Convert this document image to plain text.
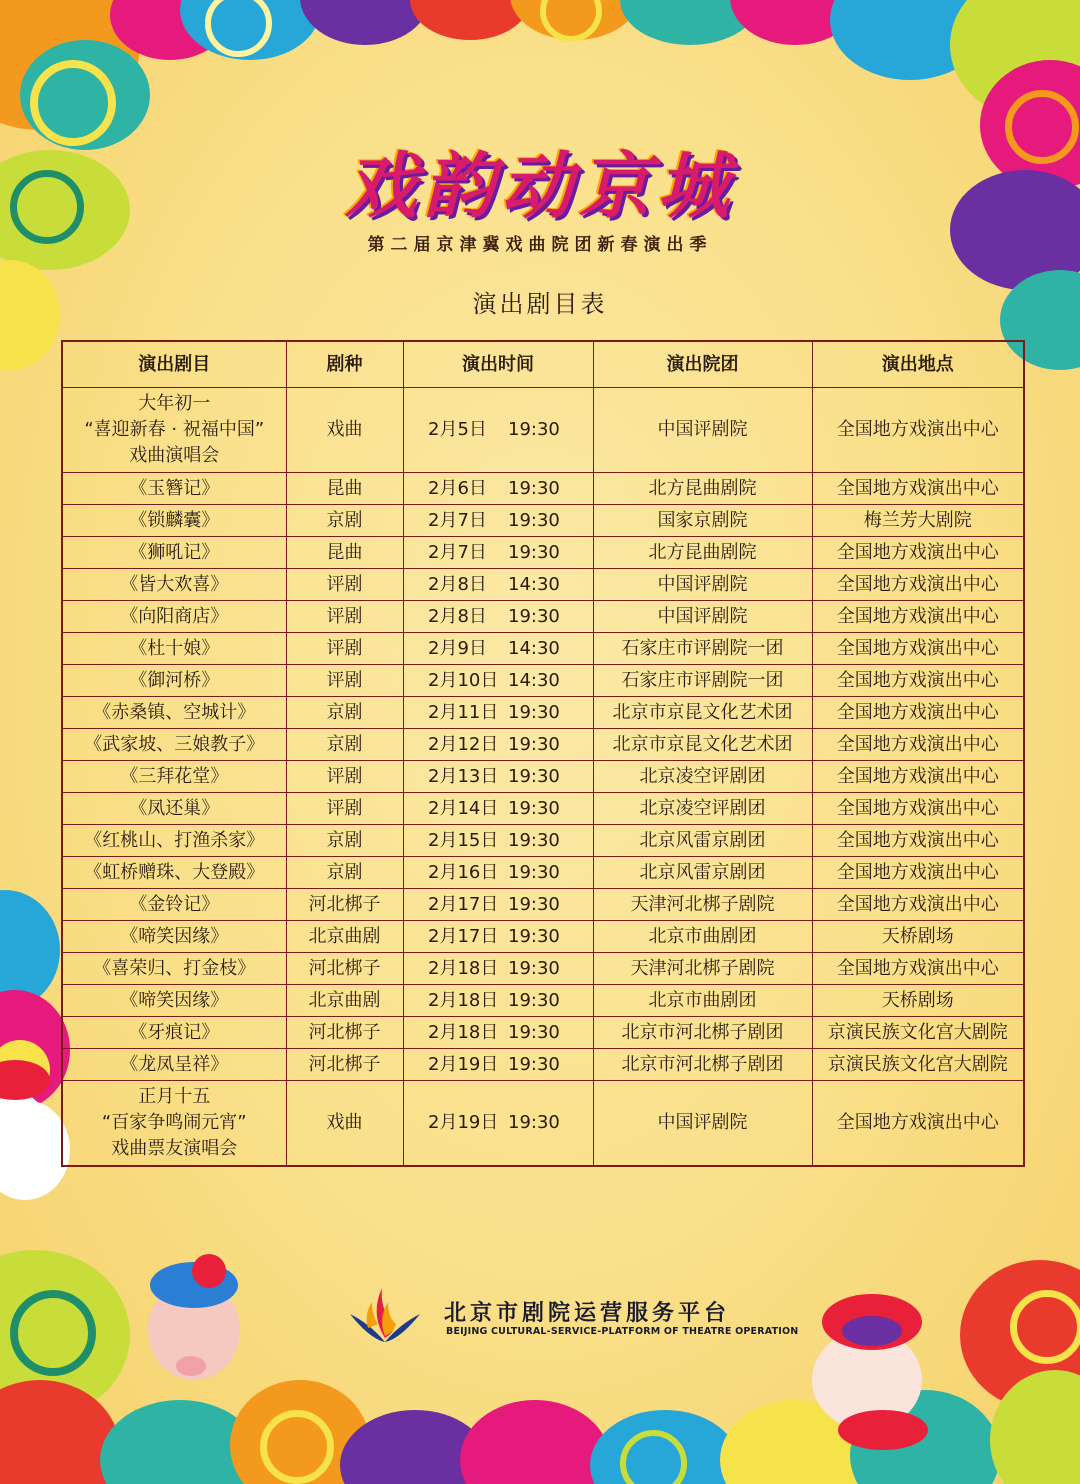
戏韵动京城
第二届京津冀戏曲院团新春演出季
演出剧目表
演出剧目	剧种	演出时间	演出院团	演出地点

大年初一
“喜迎新春 · 祝福中国”
戏曲演唱会	戏曲	2月5日 19:30	中国评剧院	全国地方戏演出中心

《玉簪记》	昆曲	2月6日 19:30	北方昆曲剧院	全国地方戏演出中心

《锁麟囊》	京剧	2月7日 19:30	国家京剧院	梅兰芳大剧院

《狮吼记》	昆曲	2月7日 19:30	北方昆曲剧院	全国地方戏演出中心

《皆大欢喜》	评剧	2月8日 14:30	中国评剧院	全国地方戏演出中心

《向阳商店》	评剧	2月8日 19:30	中国评剧院	全国地方戏演出中心

《杜十娘》	评剧	2月9日 14:30	石家庄市评剧院一团	全国地方戏演出中心

《御河桥》	评剧	2月10日 14:30	石家庄市评剧院一团	全国地方戏演出中心

《赤桑镇、空城计》	京剧	2月11日 19:30	北京市京昆文化艺术团	全国地方戏演出中心

《武家坡、三娘教子》	京剧	2月12日 19:30	北京市京昆文化艺术团	全国地方戏演出中心

《三拜花堂》	评剧	2月13日 19:30	北京凌空评剧团	全国地方戏演出中心

《凤还巢》	评剧	2月14日 19:30	北京凌空评剧团	全国地方戏演出中心

《红桃山、打渔杀家》	京剧	2月15日 19:30	北京风雷京剧团	全国地方戏演出中心

《虹桥赠珠、大登殿》	京剧	2月16日 19:30	北京风雷京剧团	全国地方戏演出中心

《金铃记》	河北梆子	2月17日 19:30	天津河北梆子剧院	全国地方戏演出中心

《啼笑因缘》	北京曲剧	2月17日 19:30	北京市曲剧团	天桥剧场

《喜荣归、打金枝》	河北梆子	2月18日 19:30	天津河北梆子剧院	全国地方戏演出中心

《啼笑因缘》	北京曲剧	2月18日 19:30	北京市曲剧团	天桥剧场

《牙痕记》	河北梆子	2月18日 19:30	北京市河北梆子剧团	京演民族文化宫大剧院

《龙凤呈祥》	河北梆子	2月19日 19:30	北京市河北梆子剧团	京演民族文化宫大剧院

正月十五
“百家争鸣闹元宵”
戏曲票友演唱会	戏曲	2月19日 19:30	中国评剧院	全国地方戏演出中心
北京市剧院运营服务平台
BEIJING CULTURAL-SERVICE-PLATFORM OF THEATRE OPERATION
